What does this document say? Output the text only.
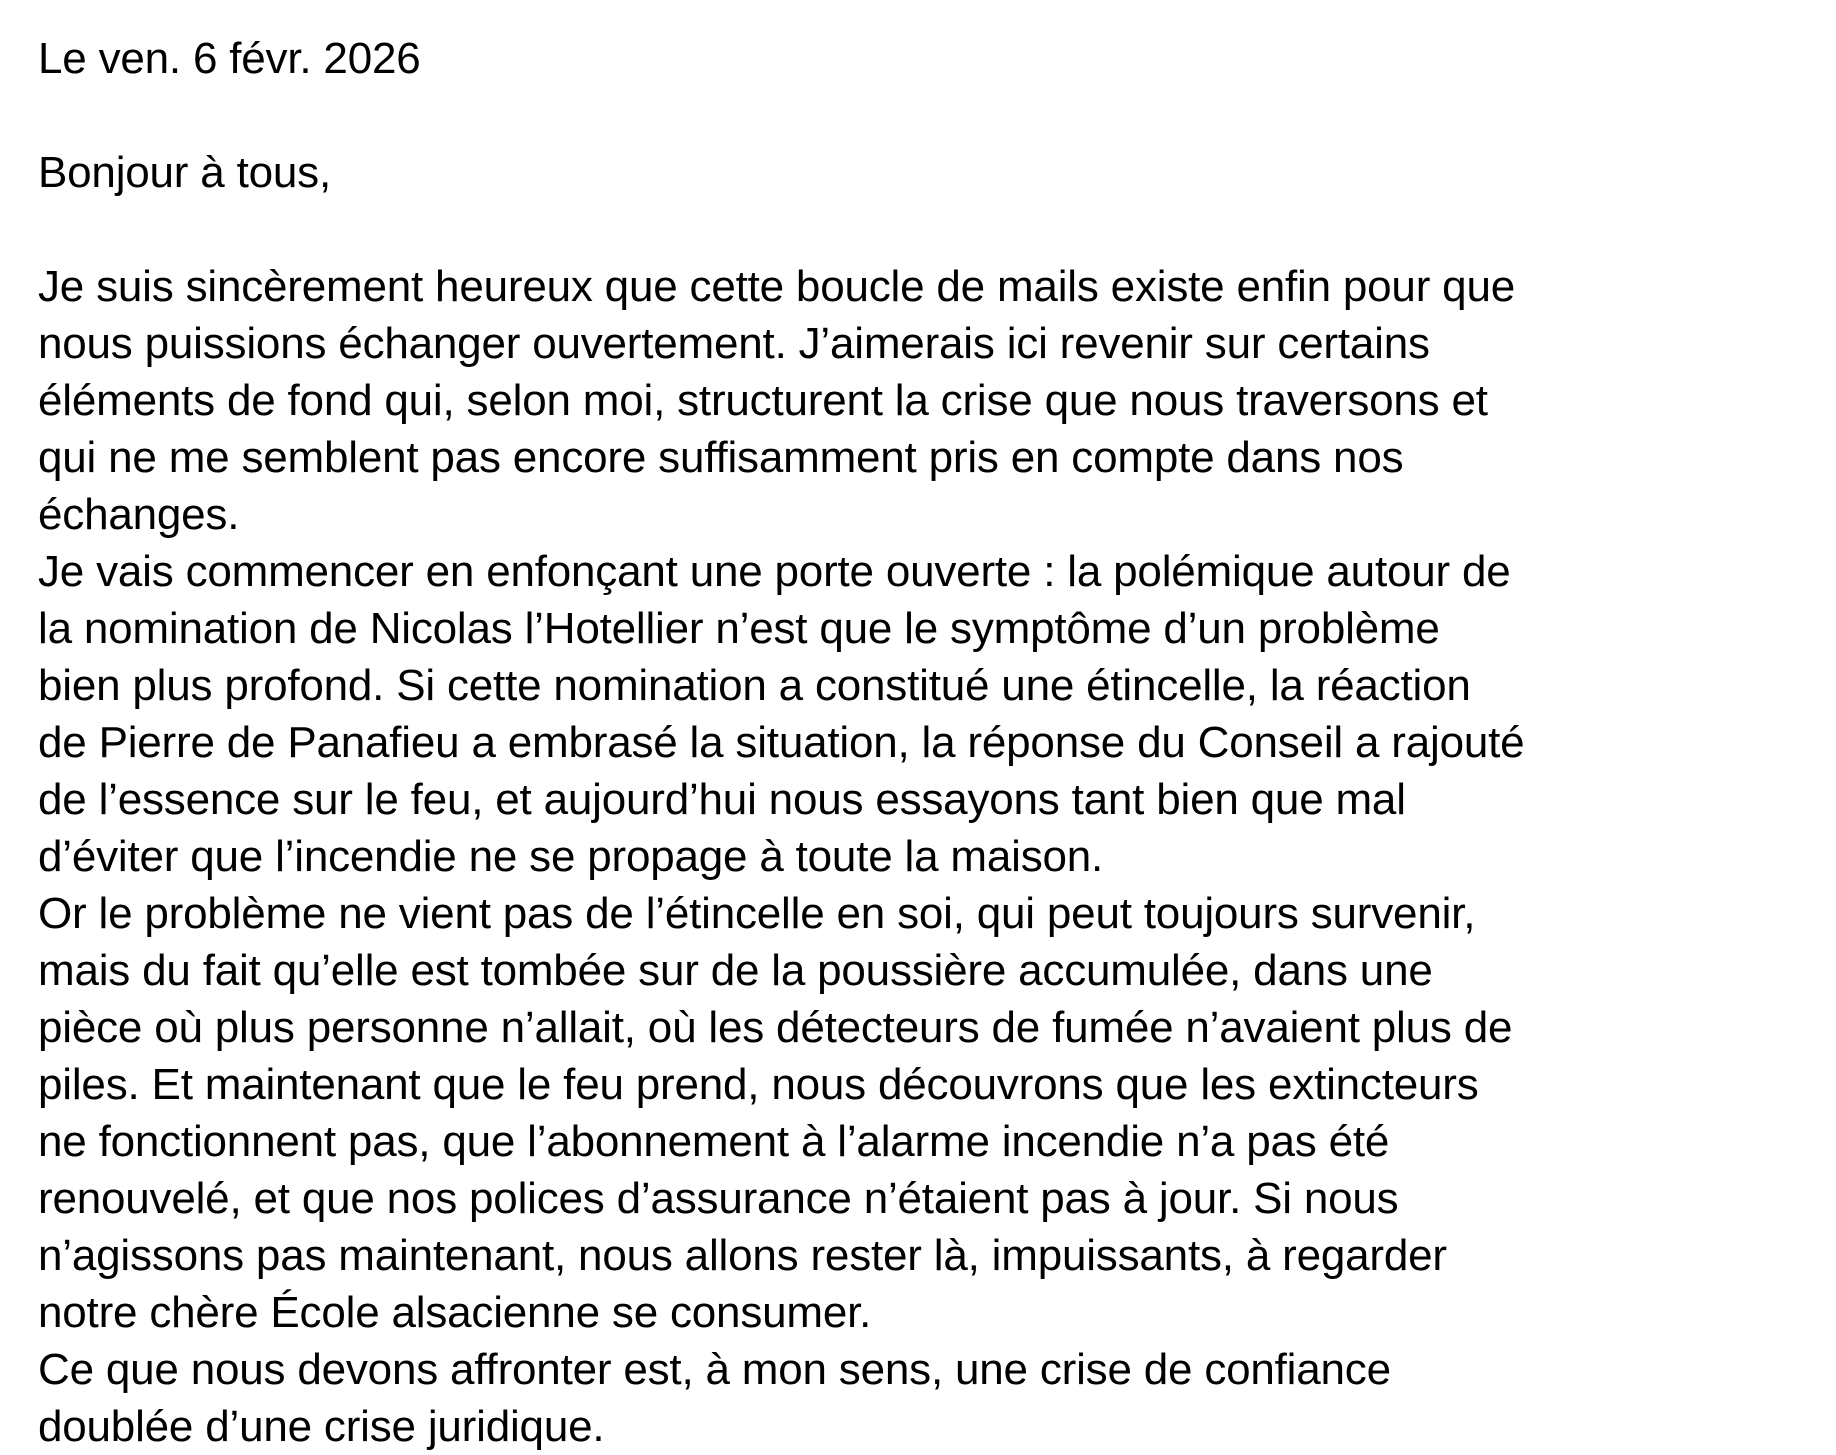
Le ven. 6 févr. 2026

Bonjour à tous,

Je suis sincèrement heureux que cette boucle de mails existe enfin pour que
nous puissions échanger ouvertement. J’aimerais ici revenir sur certains
éléments de fond qui, selon moi, structurent la crise que nous traversons et
qui ne me semblent pas encore suffisamment pris en compte dans nos
échanges.

Je vais commencer en enfonçant une porte ouverte : la polémique autour de
la nomination de Nicolas l’Hotellier n’est que le symptôme d’un problème
bien plus profond. Si cette nomination a constitué une étincelle, la réaction
de Pierre de Panafieu a embrasé la situation, la réponse du Conseil a rajouté
de l’essence sur le feu, et aujourd’hui nous essayons tant bien que mal
d’éviter que l’incendie ne se propage à toute la maison.

Or le problème ne vient pas de l’étincelle en soi, qui peut toujours survenir,
mais du fait qu’elle est tombée sur de la poussière accumulée, dans une
pièce où plus personne n’allait, où les détecteurs de fumée n’avaient plus de
piles. Et maintenant que le feu prend, nous découvrons que les extincteurs
ne fonctionnent pas, que l’abonnement à l’alarme incendie n’a pas été
renouvelé, et que nos polices d’assurance n’étaient pas à jour. Si nous
n’agissons pas maintenant, nous allons rester là, impuissants, à regarder
notre chère École alsacienne se consumer.

Ce que nous devons affronter est, à mon sens, une crise de confiance
doublée d’une crise juridique.
